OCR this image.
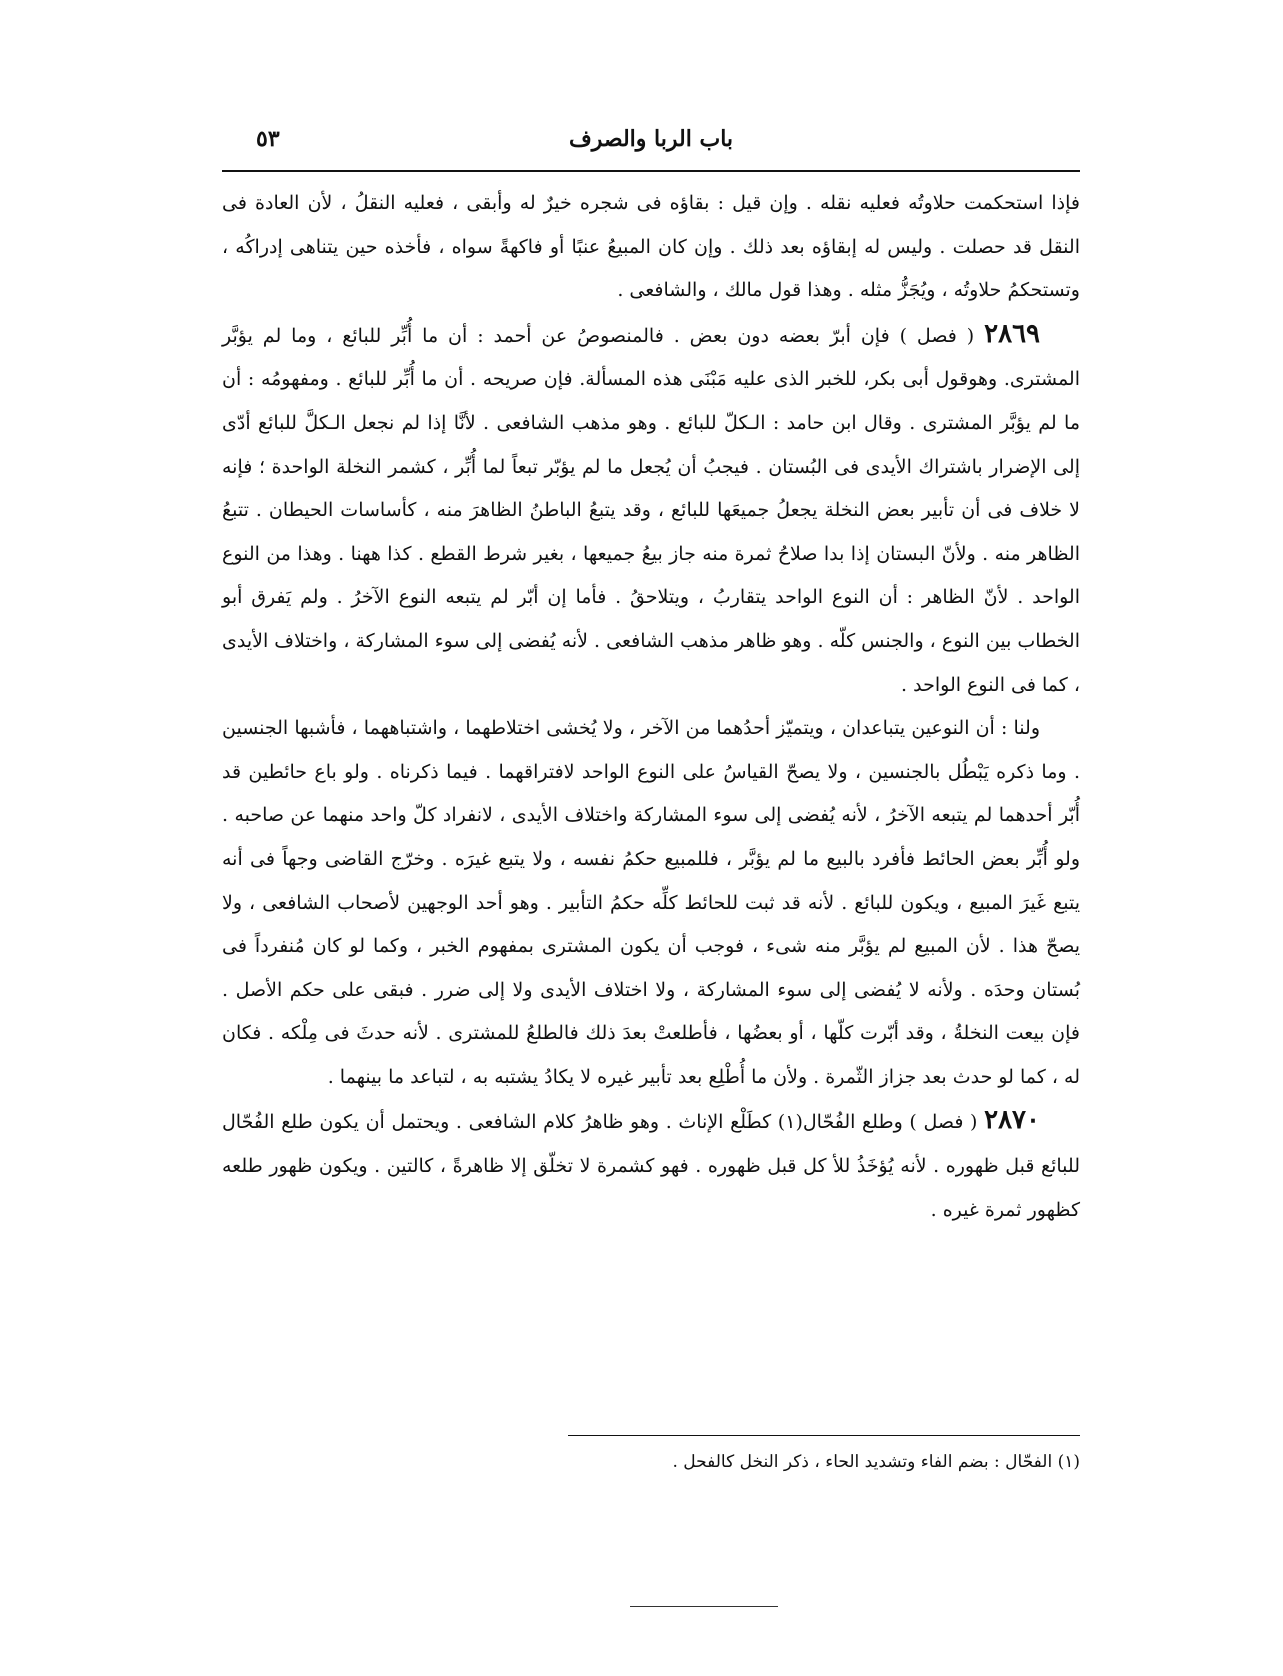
باب الربا والصرف
٥٣

فإذا استحكمت حلاوتُه فعليه نقله . وإن قيل : بقاؤه فى شجره خيرٌ له وأبقى ، فعليه النقلُ ، لأن العادة فى النقل قد حصلت . وليس له إبقاؤه بعد ذلك . وإن كان المبيعُ عنبًا أو فاكهةً سواه ، فأخذه حين يتناهى إدراكُه ، وتستحكمُ حلاوتُه ، ويُجَزُّ مثله . وهذا قول مالك ، والشافعى .

٢٨٦٩ ( فصل ) فإن أبرّ بعضه دون بعض . فالمنصوصُ عن أحمد : أن ما أُبِّر للبائع ، وما لم يؤبَّر المشترى. وهوقول أبى بكر، للخبر الذى عليه مَبْنَى هذه المسألة. فإن صريحه . أن ما أُبِّر للبائع . ومفهومُه : أن ما لم يؤبَّر المشترى . وقال ابن حامد : الـكلّ للبائع . وهو مذهب الشافعى . لأنَّا إذا لم نجعل الـكلَّ للبائع أدّى إلى الإضرار باشتراك الأيدى فى البُستان . فيجبُ أن يُجعل ما لم يؤبّر تبعاً لما أُبِّر ، كشمر النخلة الواحدة ؛ فإنه لا خلاف فى أن تأبير بعض النخلة يجعلُ جميعَها للبائع ، وقد يتبعُ الباطنُ الظاهرَ منه ، كأساسات الحيطان . تتبعُ الظاهر منه . ولأنّ البستان إذا بدا صلاحُ ثمرة منه جاز بيعُ جميعها ، بغير شرط القطع . كذا ههنا . وهذا من النوع الواحد . لأنّ الظاهر : أن النوع الواحد يتقاربُ ، ويتلاحقُ . فأما إن أبّر لم يتبعه النوع الآخرُ . ولم يَفرق أبو الخطاب بين النوع ، والجنس كلّه . وهو ظاهر مذهب الشافعى . لأنه يُفضى إلى سوء المشاركة ، واختلاف الأيدى ، كما فى النوع الواحد .

ولنا : أن النوعين يتباعدان ، ويتميّز أحدُهما من الآخر ، ولا يُخشى اختلاطهما ، واشتباههما ، فأشبها الجنسين . وما ذكره يَبْطُل بالجنسين ، ولا يصحّ القياسُ على النوع الواحد لافتراقهما . فيما ذكرناه . ولو باع حائطين قد أُبّر أحدهما لم يتبعه الآخرُ ، لأنه يُفضى إلى سوء المشاركة واختلاف الأيدى ، لانفراد كلّ واحد منهما عن صاحبه . ولو أُبِّر بعض الحائط فأفرد بالبيع ما لم يؤبَّر ، فللمبيع حكمُ نفسه ، ولا يتبع غيرَه . وخرّج القاضى وجهاً فى أنه يتبع غَيرَ المبيع ، ويكون للبائع . لأنه قد ثبت للحائط كلِّه حكمُ التأبير . وهو أحد الوجهين لأصحاب الشافعى ، ولا يصحّ هذا . لأن المبيع لم يؤبَّر منه شىء ، فوجب أن يكون المشترى بمفهوم الخبر ، وكما لو كان مُنفرداً فى بُستان وحدَه . ولأنه لا يُفضى إلى سوء المشاركة ، ولا اختلاف الأيدى ولا إلى ضرر . فبقى على حكم الأصل . فإن بيعت النخلةُ ، وقد أبّرت كلّها ، أو بعضُها ، فأطلعتْ بعدَ ذلك فالطلعُ للمشترى . لأنه حدثَ فى مِلْكه . فكان له ، كما لو حدث بعد جزاز الثّمرة . ولأن ما أُطْلِع بعد تأبير غيره لا يكادُ يشتبه به ، لتباعد ما بينهما .

٢٨٧٠ ( فصل ) وطلع الفُحّال(١) كطَلْع الإناث . وهو ظاهرُ كلام الشافعى . ويحتمل أن يكون طلع الفُحّال للبائع قبل ظهوره . لأنه يُؤخَذُ للأ كل قبل ظهوره . فهو كشمرة لا تخلّق إلا ظاهرةً ، كالتين . ويكون ظهور طلعه كظهور ثمرة غيره .

(١) الفحّال : بضم الفاء وتشديد الحاء ، ذكر النخل كالفحل .
